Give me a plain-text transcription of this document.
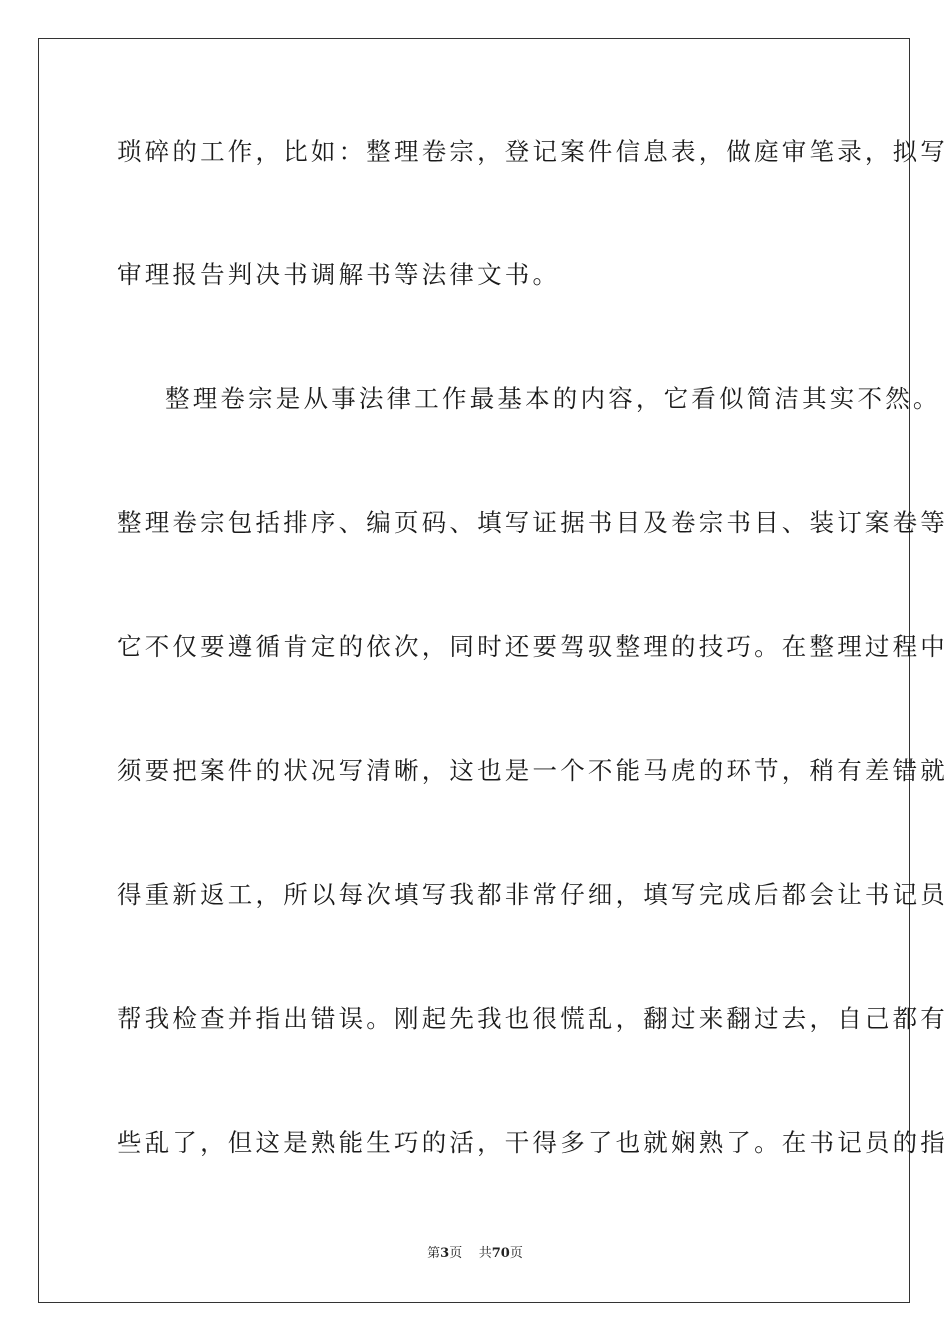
琐碎的工作，比如：整理卷宗，登记案件信息表，做庭审笔录，拟写
审理报告判决书调解书等法律文书。
整理卷宗是从事法律工作最基本的内容，它看似简洁其实不然。
整理卷宗包括排序、编页码、填写证据书目及卷宗书目、装订案卷等
它不仅要遵循肯定的依次，同时还要驾驭整理的技巧。在整理过程中
须要把案件的状况写清晰，这也是一个不能马虎的环节，稍有差错就
得重新返工，所以每次填写我都非常仔细，填写完成后都会让书记员
帮我检查并指出错误。刚起先我也很慌乱，翻过来翻过去，自己都有
些乱了，但这是熟能生巧的活，干得多了也就娴熟了。在书记员的指
第3页 共70页
